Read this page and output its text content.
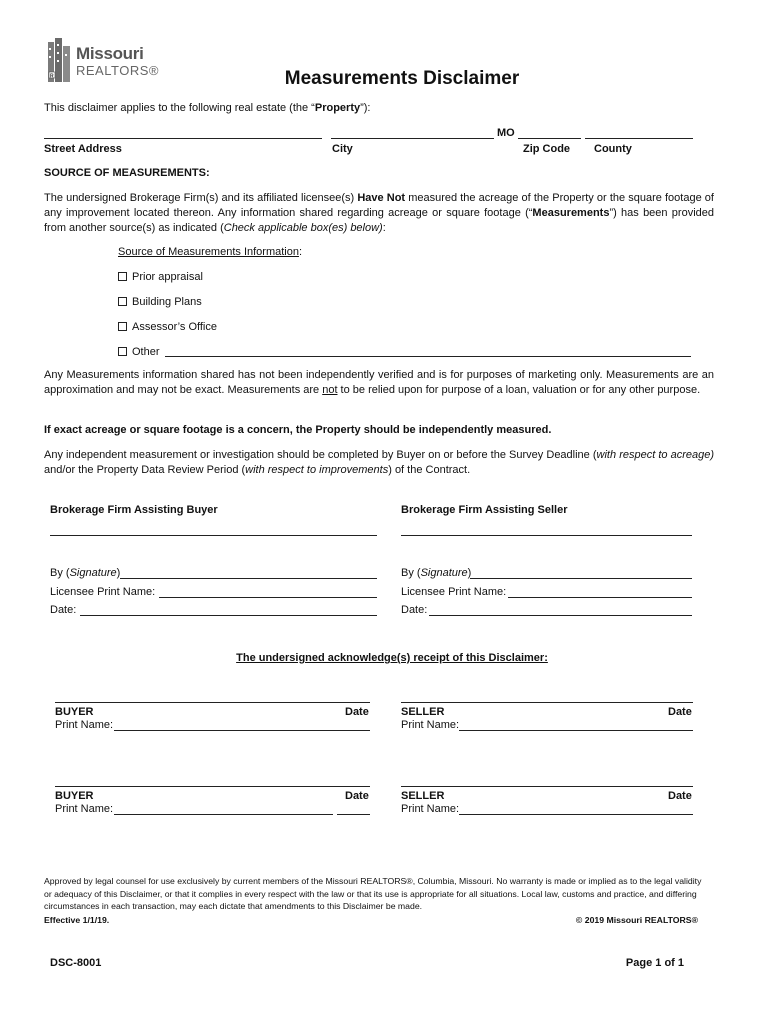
R
Missouri
REALTORS®	Measurements Disclaimer
This disclaimer applies to the following real estate (the “Property”):
MO
Street Address	City	Zip Code County
SOURCE OF MEASUREMENTS:
The undersigned Brokerage Firm(s) and its affiliated licensee(s) Have Not measured the acreage of the Property or the square footage of any improvement located thereon. Any information shared regarding acreage or square footage (“Measurements”) has been provided from another source(s) as indicated (Check applicable box(es) below):
Source of Measurements Information:
Prior appraisal
Building Plans
Assessor’s Office
Other
Any Measurements information shared has not been independently verified and is for purposes of marketing only. Measurements are an approximation and may not be exact. Measurements are not to be relied upon for purpose of a loan, valuation or for any other purpose.
If exact acreage or square footage is a concern, the Property should be independently measured.
Any independent measurement or investigation should be completed by Buyer on or before the Survey Deadline (with respect to acreage) and/or the Property Data Review Period (with respect to improvements) of the Contract.
Brokerage Firm Assisting Buyer	Brokerage Firm Assisting Seller
By (Signature)
Licensee Print Name:
Date:
By (Signature)
Licensee Print Name:
Date:
The undersigned acknowledge(s) receipt of this Disclaimer:
BUYER	Date
Print Name:
SELLER	Date
Print Name:
BUYER	Date
Print Name:
SELLER	Date
Print Name:
Approved by legal counsel for use exclusively by current members of the Missouri REALTORS®, Columbia, Missouri. No warranty is made or implied as to the legal validity or adequacy of this Disclaimer, or that it complies in every respect with the law or that its use is appropriate for all situations. Local law, customs and practice, and differing circumstances in each transaction, may each dictate that amendments to this Disclaimer be made.
Effective 1/1/19.	© 2019 Missouri REALTORS®
DSC-8001	Page 1 of 1
